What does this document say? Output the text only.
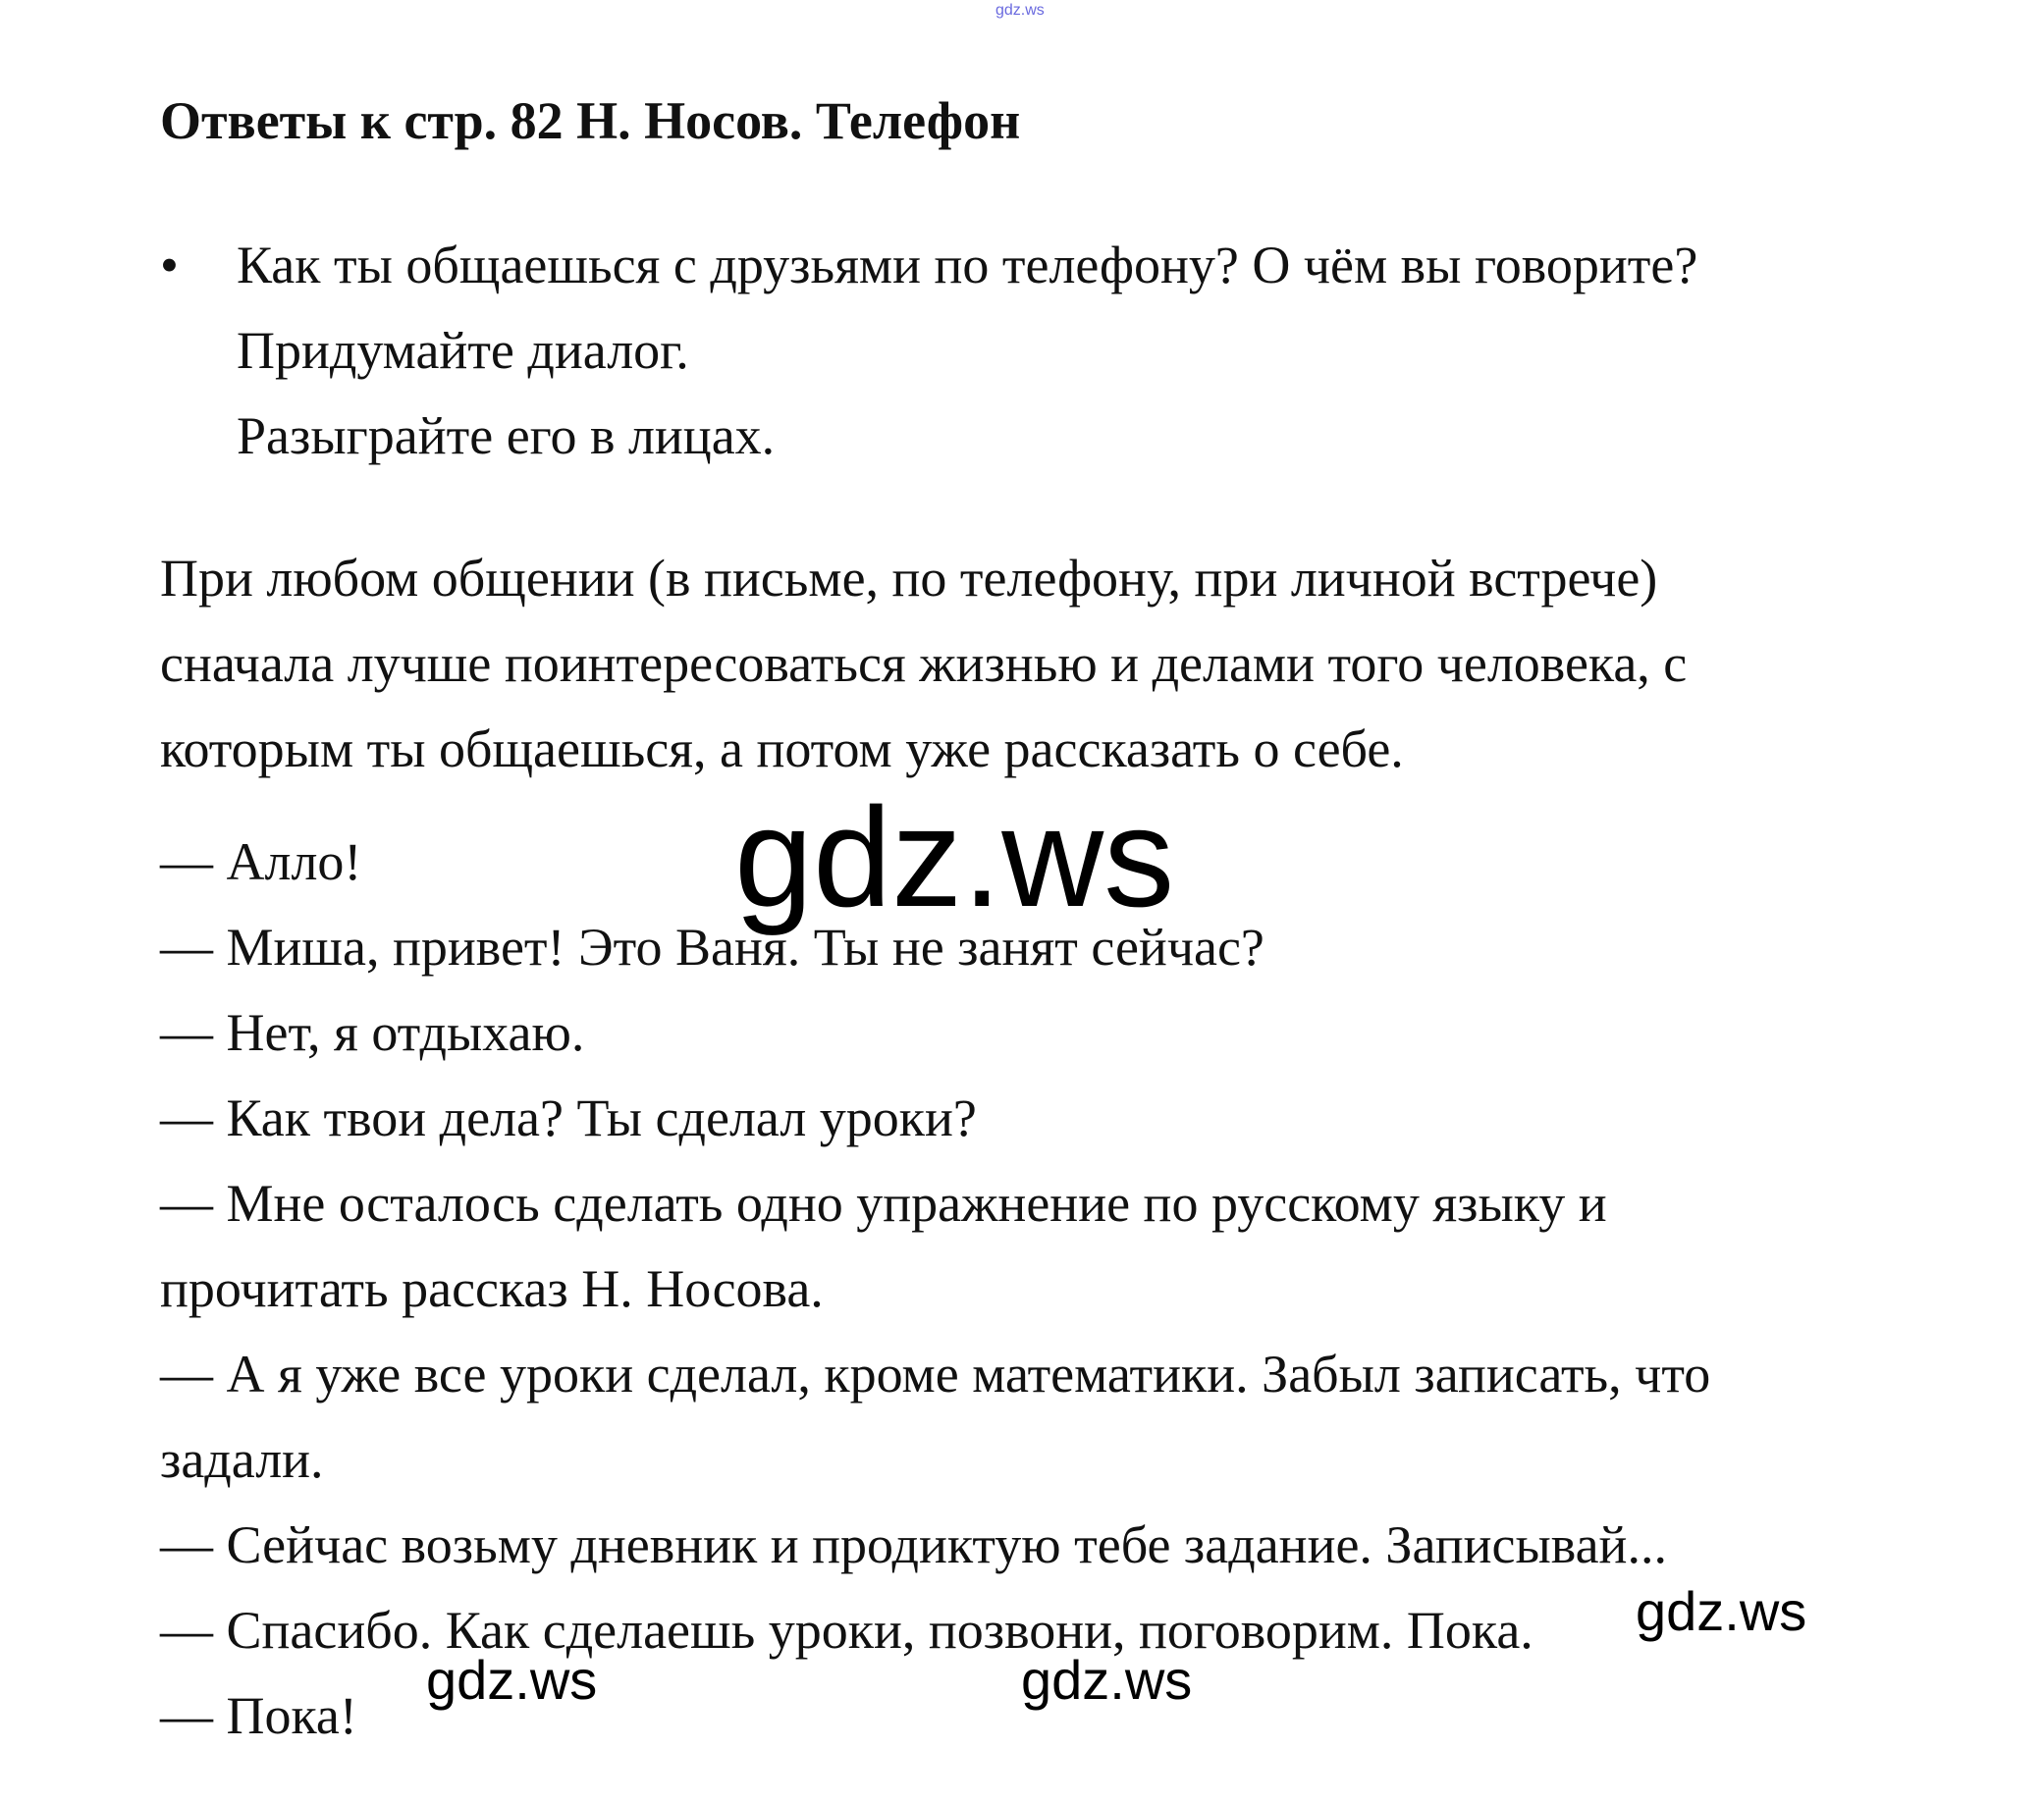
gdz.ws
Ответы к стр. 82 Н. Носов. Телефон
• Как ты общаешься с друзьями по телефону? О чём вы говорите?
Придумайте диалог.
Разыграйте его в лицах.
При любом общении (в письме, по телефону, при личной встрече)
сначала лучше поинтересоваться жизнью и делами того человека, с
которым ты общаешься, а потом уже рассказать о себе.
— Алло!
— Миша, привет! Это Ваня. Ты не занят сейчас?
— Нет, я отдыхаю.
— Как твои дела? Ты сделал уроки?
— Мне осталось сделать одно упражнение по русскому языку и
прочитать рассказ Н. Носова.
— А я уже все уроки сделал, кроме математики. Забыл записать, что
задали.
— Сейчас возьму дневник и продиктую тебе задание. Записывай...
— Спасибо. Как сделаешь уроки, позвони, поговорим. Пока.
— Пока!
gdz.ws
gdz.ws
gdz.ws	gdz.ws
